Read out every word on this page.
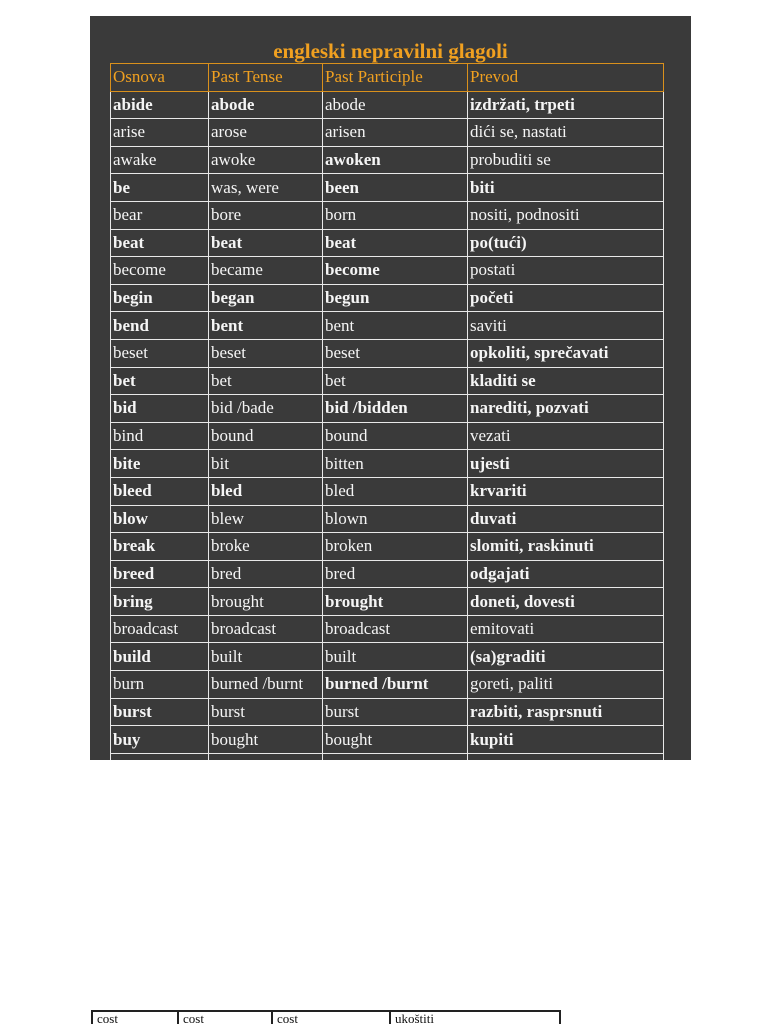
engleski nepravilni glagoli
Osnova	Past Tense	Past Participle	Prevod
abide	abode	abode	izdržati, trpeti
arise	arose	arisen	dići se, nastati
awake	awoke	awoken	probuditi se
be	was, were	been	biti
bear	bore	born	nositi, podnositi
beat	beat	beat	po(tući)
become	became	become	postati
begin	began	begun	početi
bend	bent	bent	saviti
beset	beset	beset	opkoliti, sprečavati
bet	bet	bet	kladiti se
bid	bid /bade	bid /bidden	narediti, pozvati
bind	bound	bound	vezati
bite	bit	bitten	ujesti
bleed	bled	bled	krvariti
blow	blew	blown	duvati
break	broke	broken	slomiti, raskinuti
breed	bred	bred	odgajati
bring	brought	brought	doneti, dovesti
broadcast	broadcast	broadcast	emitovati
build	built	built	(sa)graditi
burn	burned /burnt	burned /burnt	goreti, paliti
burst	burst	burst	razbiti, rasprsnuti
buy	bought	bought	kupiti

cost	cost	cost	ukoštiti
